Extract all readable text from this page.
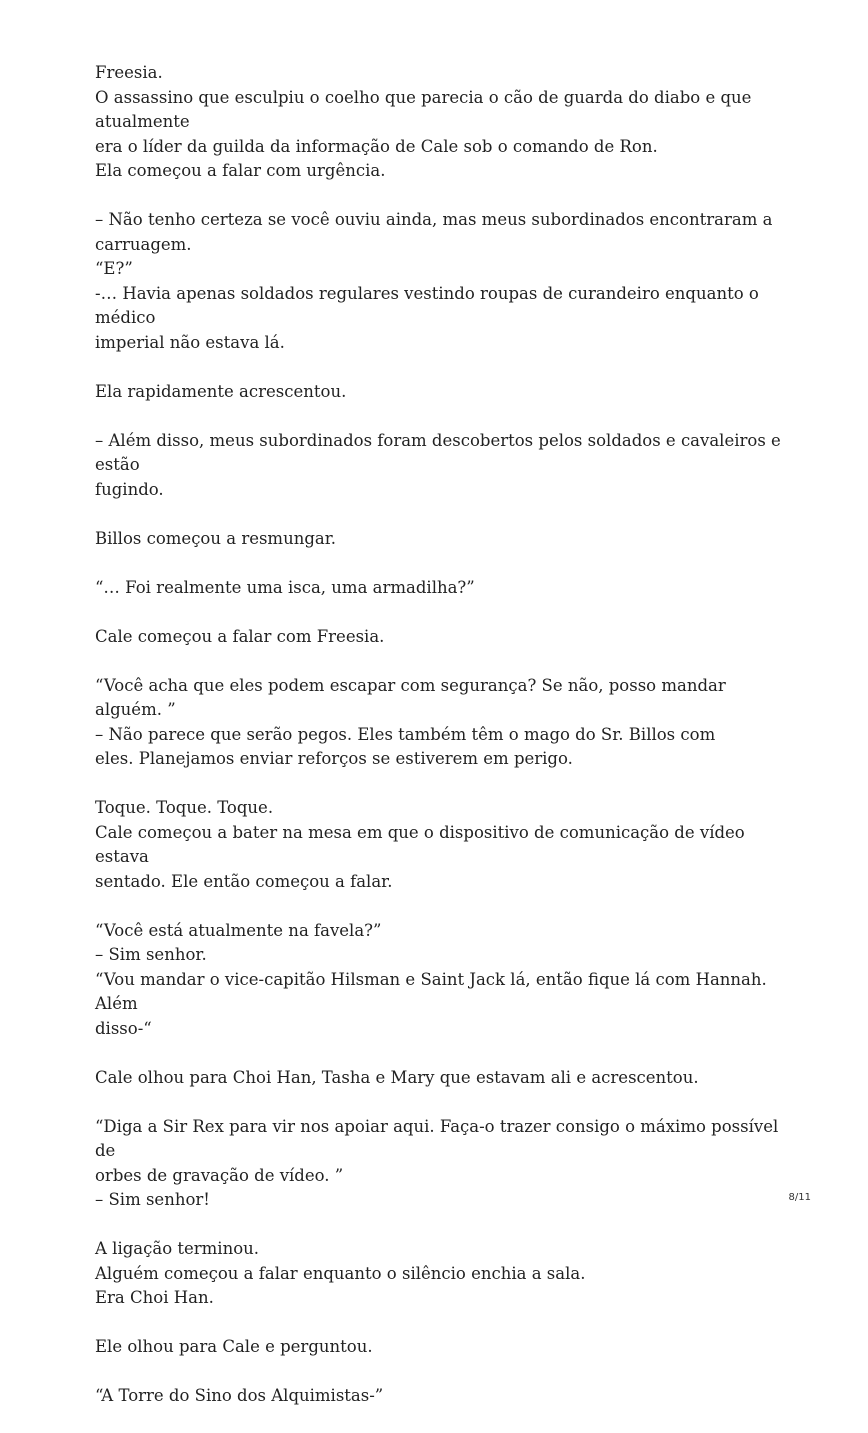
Freesia.
O assassino que esculpiu o coelho que parecia o cão de guarda do diabo e que atualmente
era o líder da guilda da informação de Cale sob o comando de Ron.
Ela começou a falar com urgência.

– Não tenho certeza se você ouviu ainda, mas meus subordinados encontraram a
carruagem.
“E?”
-… Havia apenas soldados regulares vestindo roupas de curandeiro enquanto o médico
imperial não estava lá.

Ela rapidamente acrescentou.

– Além disso, meus subordinados foram descobertos pelos soldados e cavaleiros e estão
fugindo.

Billos começou a resmungar.

“… Foi realmente uma isca, uma armadilha?”

Cale começou a falar com Freesia.

“Você acha que eles podem escapar com segurança? Se não, posso mandar alguém. ”
– Não parece que serão pegos. Eles também têm o mago do Sr. Billos com
eles. Planejamos enviar reforços se estiverem em perigo.

Toque. Toque. Toque.
Cale começou a bater na mesa em que o dispositivo de comunicação de vídeo estava
sentado. Ele então começou a falar.

“Você está atualmente na favela?”
– Sim senhor.
“Vou mandar o vice-capitão Hilsman e Saint Jack lá, então fique lá com Hannah. Além
disso-“

Cale olhou para Choi Han, Tasha e Mary que estavam ali e acrescentou.

“Diga a Sir Rex para vir nos apoiar aqui. Faça-o trazer consigo o máximo possível de
orbes de gravação de vídeo. ”
– Sim senhor!

A ligação terminou.
Alguém começou a falar enquanto o silêncio enchia a sala.
Era Choi Han.

Ele olhou para Cale e perguntou.

“A Torre do Sino dos Alquimistas-”

8/11
